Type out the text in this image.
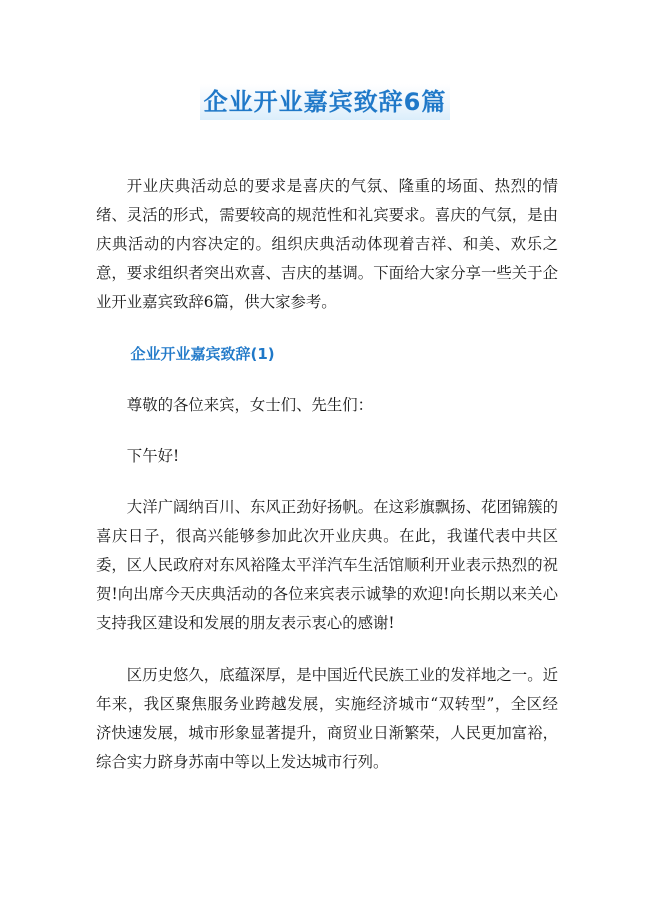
企业开业嘉宾致辞6篇

开业庆典活动总的要求是喜庆的气氛、隆重的场面、热烈的情绪、灵活的形式，需要较高的规范性和礼宾要求。喜庆的气氛，是由庆典活动的内容决定的。组织庆典活动体现着吉祥、和美、欢乐之意，要求组织者突出欢喜、吉庆的基调。下面给大家分享一些关于企业开业嘉宾致辞6篇，供大家参考。

企业开业嘉宾致辞(1)

尊敬的各位来宾，女士们、先生们：

下午好!

大洋广阔纳百川、东风正劲好扬帆。在这彩旗飘扬、花团锦簇的喜庆日子，很高兴能够参加此次开业庆典。在此，我谨代表中共区委，区人民政府对东风裕隆太平洋汽车生活馆顺利开业表示热烈的祝贺!向出席今天庆典活动的各位来宾表示诚挚的欢迎!向长期以来关心支持我区建设和发展的朋友表示衷心的感谢!

区历史悠久，底蕴深厚，是中国近代民族工业的发祥地之一。近年来，我区聚焦服务业跨越发展，实施经济城市“双转型”，全区经济快速发展，城市形象显著提升，商贸业日渐繁荣，人民更加富裕，综合实力跻身苏南中等以上发达城市行列。
